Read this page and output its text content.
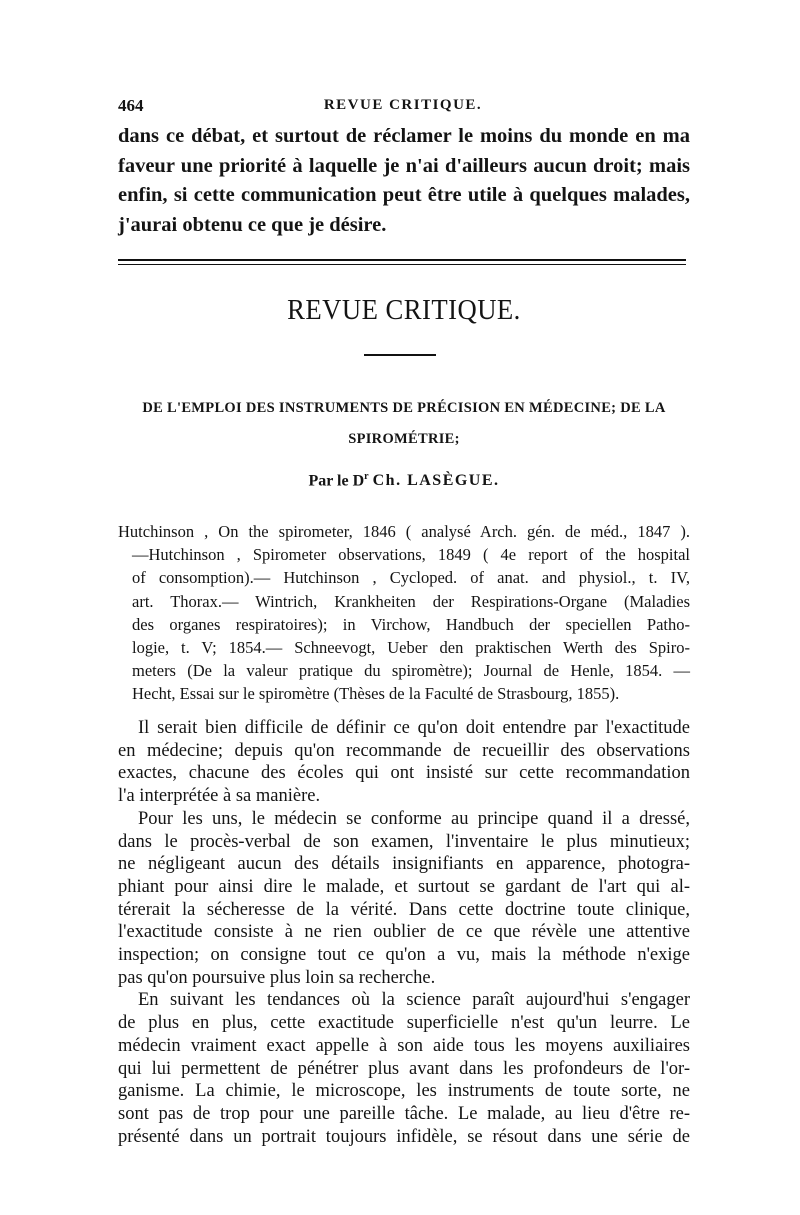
464	REVUE CRITIQUE.

dans ce débat, et surtout de réclamer le moins du monde en ma

faveur une priorité à laquelle je n'ai d'ailleurs aucun droit; mais

enfin, si cette communication peut être utile à quelques malades,

j'aurai obtenu ce que je désire.

REVUE CRITIQUE.
DE L'EMPLOI DES INSTRUMENTS DE PRÉCISION EN MÉDECINE; DE LA
SPIROMÉTRIE;
Par le $D^r$ Ch. LASÈGUE.
Hutchinson , On the spirometer, 1846 ( analysé Arch. gén. de méd., 1847 ).
—Hutchinson , Spirometer observations, 1849 ( 4e report of the hospital
of consomption).— Hutchinson , Cycloped. of anat. and physiol., t. IV,
art. Thorax.— Wintrich, Krankheiten der Respirations-Organe (Maladies
des organes respiratoires); in Virchow, Handbuch der speciellen Patho-
logie, t. V; 1854.— Schneevogt, Ueber den praktischen Werth des Spiro-
meters (De la valeur pratique du spiromètre); Journal de Henle, 1854. —
Hecht, Essai sur le spiromètre (Thèses de la Faculté de Strasbourg, 1855).
Il serait bien difficile de définir ce qu'on doit entendre par l'exactitude
en médecine; depuis qu'on recommande de recueillir des observations
exactes, chacune des écoles qui ont insisté sur cette recommandation
l'a interprétée à sa manière.
Pour les uns, le médecin se conforme au principe quand il a dressé,
dans le procès-verbal de son examen, l'inventaire le plus minutieux;
ne négligeant aucun des détails insignifiants en apparence, photogra-
phiant pour ainsi dire le malade, et surtout se gardant de l'art qui al-
térerait la sécheresse de la vérité. Dans cette doctrine toute clinique,
l'exactitude consiste à ne rien oublier de ce que révèle une attentive
inspection; on consigne tout ce qu'on a vu, mais la méthode n'exige
pas qu'on poursuive plus loin sa recherche.
En suivant les tendances où la science paraît aujourd'hui s'engager
de plus en plus, cette exactitude superficielle n'est qu'un leurre. Le
médecin vraiment exact appelle à son aide tous les moyens auxiliaires
qui lui permettent de pénétrer plus avant dans les profondeurs de l'or-
ganisme. La chimie, le microscope, les instruments de toute sorte, ne
sont pas de trop pour une pareille tâche. Le malade, au lieu d'être re-
présenté dans un portrait toujours infidèle, se résout dans une série de
